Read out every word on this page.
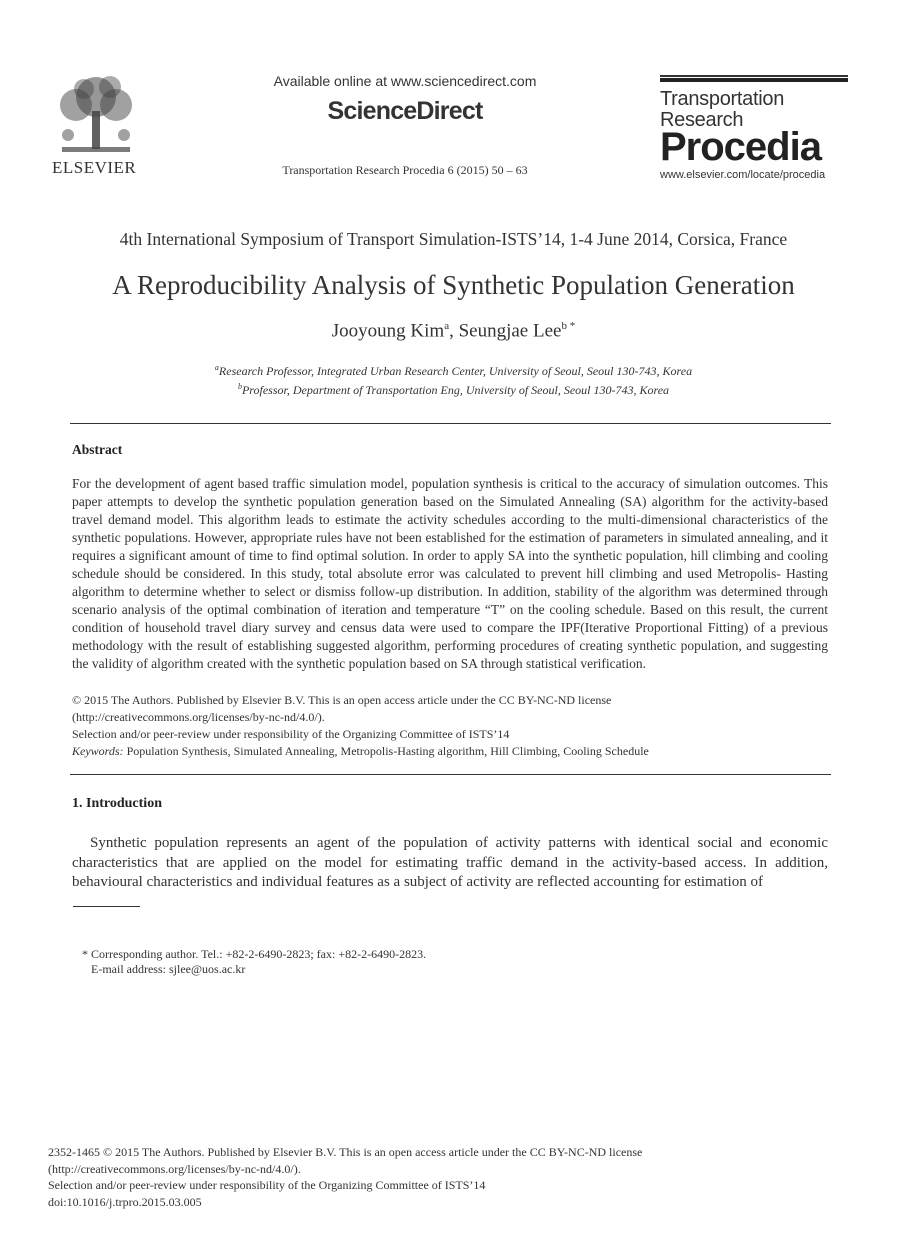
ELSEVIER
Available online at www.sciencedirect.com
ScienceDirect
Transportation Research Procedia 6 (2015) 50 – 63
Transportation
Research
Procedia
www.elsevier.com/locate/procedia
4th International Symposium of Transport Simulation-ISTS’14, 1-4 June 2014, Corsica, France
A Reproducibility Analysis of Synthetic Population Generation
Jooyoung Kim$^a$, Seungjae Lee$^{b *}$
$^a$Research Professor, Integrated Urban Research Center, University of Seoul, Seoul 130-743, Korea
$^b$Professor, Department of Transportation Eng, University of Seoul, Seoul 130-743, Korea
Abstract
For the development of agent based traffic simulation model, population synthesis is critical to the accuracy of simulation outcomes. This paper attempts to develop the synthetic population generation based on the Simulated Annealing (SA) algorithm for the activity-based travel demand model. This algorithm leads to estimate the activity schedules according to the multi-dimensional characteristics of the synthetic populations. However, appropriate rules have not been established for the estimation of parameters in simulated annealing, and it requires a significant amount of time to find optimal solution. In order to apply SA into the synthetic population, hill climbing and cooling schedule should be considered. In this study, total absolute error was calculated to prevent hill climbing and used Metropolis- Hasting algorithm to determine whether to select or dismiss follow-up distribution. In addition, stability of the algorithm was determined through scenario analysis of the optimal combination of iteration and temperature “T” on the cooling schedule. Based on this result, the current condition of household travel diary survey and census data were used to compare the IPF(Iterative Proportional Fitting) of a previous methodology with the result of establishing suggested algorithm, performing procedures of creating synthetic population, and suggesting the validity of algorithm created with the synthetic population based on SA through statistical verification.
© 2015 The Authors. Published by Elsevier B.V. This is an open access article under the CC BY-NC-ND license
(http://creativecommons.org/licenses/by-nc-nd/4.0/).
Selection and/or peer-review under responsibility of the Organizing Committee of ISTS’14
Keywords: Population Synthesis, Simulated Annealing, Metropolis-Hasting algorithm, Hill Climbing, Cooling Schedule
1. Introduction
Synthetic population represents an agent of the population of activity patterns with identical social and economic characteristics that are applied on the model for estimating traffic demand in the activity-based access. In addition, behavioural characteristics and individual features as a subject of activity are reflected accounting for estimation of
* Corresponding author. Tel.: +82-2-6490-2823; fax: +82-2-6490-2823.
E-mail address: sjlee@uos.ac.kr
2352-1465 © 2015 The Authors. Published by Elsevier B.V. This is an open access article under the CC BY-NC-ND license
(http://creativecommons.org/licenses/by-nc-nd/4.0/).
Selection and/or peer-review under responsibility of the Organizing Committee of ISTS’14
doi:10.1016/j.trpro.2015.03.005
